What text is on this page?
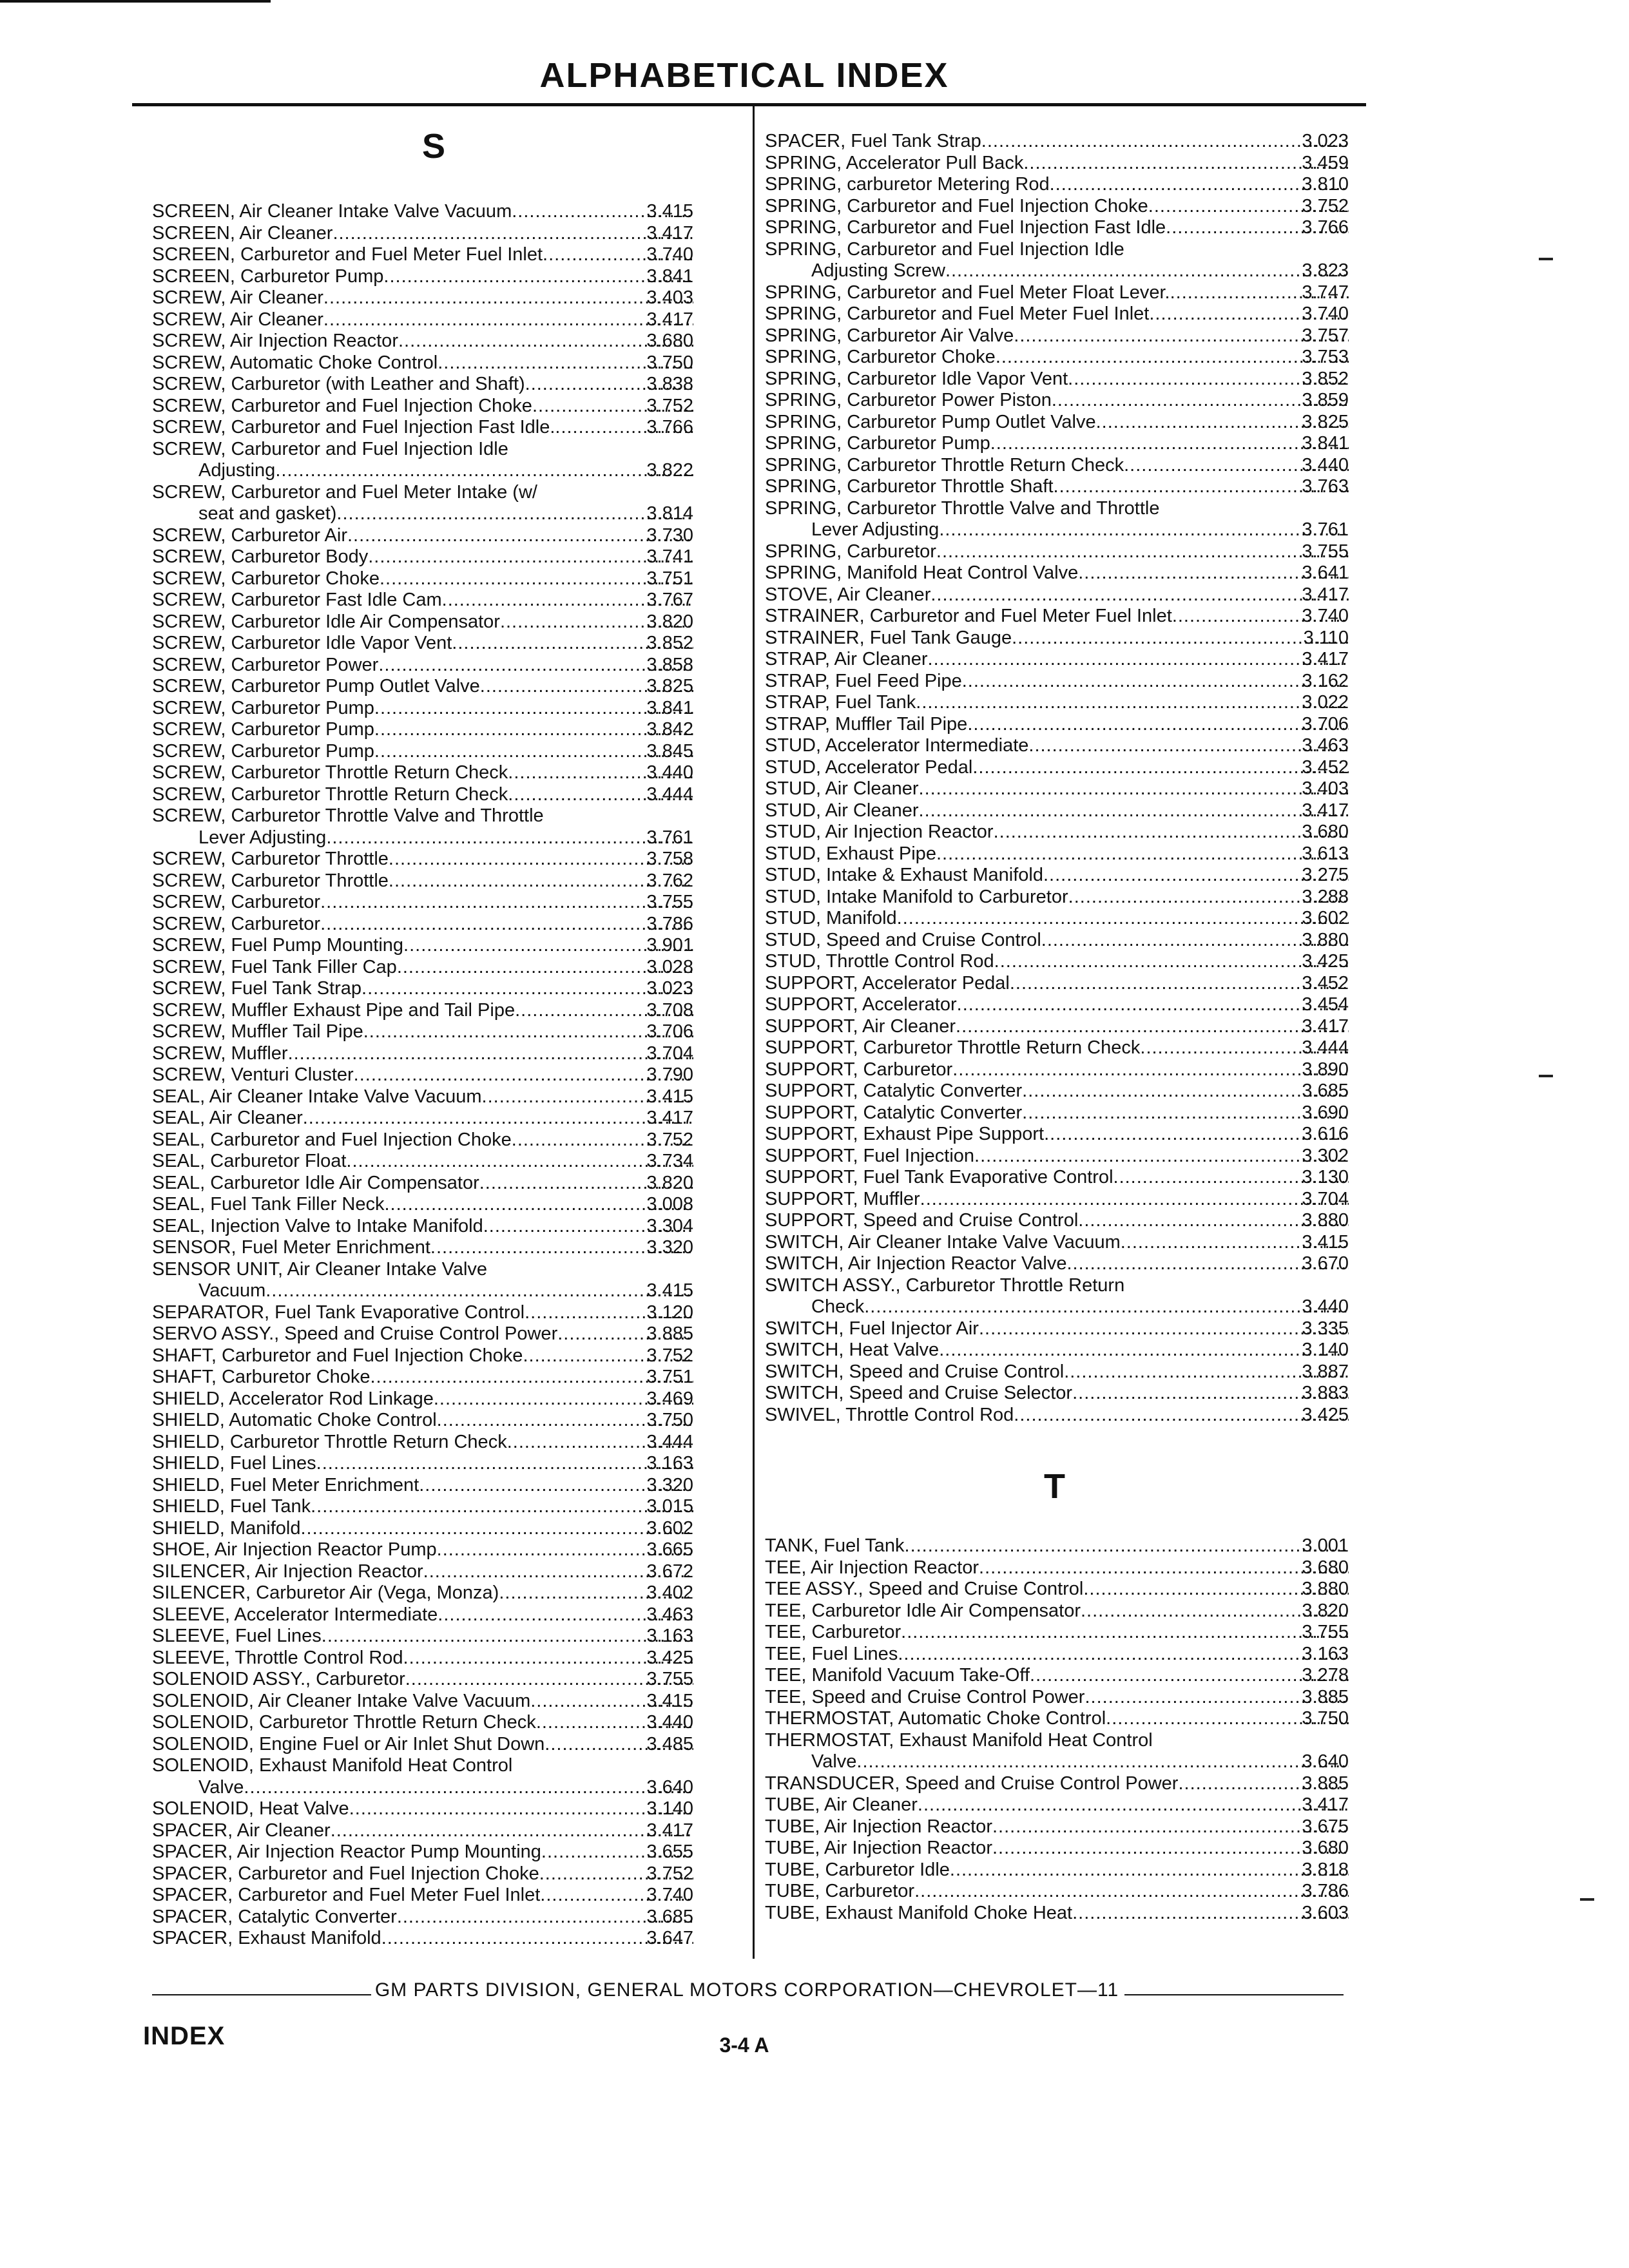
ALPHABETICAL INDEX
S
T
SCREEN, Air Cleaner Intake Valve Vacuum .....	3.415
SCREEN, Air Cleaner .....	3.417
SCREEN, Carburetor and Fuel Meter Fuel Inlet .....	3.740
SCREEN, Carburetor Pump .....	3.841
SCREW, Air Cleaner .....	3.403
SCREW, Air Cleaner .....	3.417
SCREW, Air Injection Reactor .....	3.680
SCREW, Automatic Choke Control .....	3.750
SCREW, Carburetor (with Leather and Shaft) .....	3.838
SCREW, Carburetor and Fuel Injection Choke .....	3.752
SCREW, Carburetor and Fuel Injection Fast Idle. .....	3.766
SCREW, Carburetor and Fuel Injection Idle
Adjusting .....	3.822
SCREW, Carburetor and Fuel Meter Intake (w/
seat and gasket) .....	3.814
SCREW, Carburetor Air .....	3.730
SCREW, Carburetor Body .....	3.741
SCREW, Carburetor Choke .....	3.751
SCREW, Carburetor Fast Idle Cam .....	3.767
SCREW, Carburetor Idle Air Compensator .....	3.820
SCREW, Carburetor Idle Vapor Vent .....	3.852
SCREW, Carburetor Power .....	3.858
SCREW, Carburetor Pump Outlet Valve .....	3.825
SCREW, Carburetor Pump .....	3.841
SCREW, Carburetor Pump .....	3.842
SCREW, Carburetor Pump .....	3.845
SCREW, Carburetor Throttle Return Check .....	3.440
SCREW, Carburetor Throttle Return Check .....	3.444
SCREW, Carburetor Throttle Valve and Throttle
Lever Adjusting .....	3.761
SCREW, Carburetor Throttle .....	3.758
SCREW, Carburetor Throttle .....	3.762
SCREW, Carburetor .....	3.755
SCREW, Carburetor .....	3.786
SCREW, Fuel Pump Mounting .....	3.901
SCREW, Fuel Tank Filler Cap .....	3.028
SCREW, Fuel Tank Strap .....	3.023
SCREW, Muffler Exhaust Pipe and Tail Pipe .....	3.708
SCREW, Muffler Tail Pipe .....	3.706
SCREW, Muffler .....	3.704
SCREW, Venturi Cluster .....	3.790
SEAL, Air Cleaner Intake Valve Vacuum .....	3.415
SEAL, Air Cleaner .....	3.417
SEAL, Carburetor and Fuel Injection Choke .....	3.752
SEAL, Carburetor Float .....	3.734
SEAL, Carburetor Idle Air Compensator .....	3.820
SEAL, Fuel Tank Filler Neck .....	3.008
SEAL, Injection Valve to Intake Manifold .....	3.304
SENSOR, Fuel Meter Enrichment .....	3.320
SENSOR UNIT, Air Cleaner Intake Valve
Vacuum .....	3.415
SEPARATOR, Fuel Tank Evaporative Control .....	3.120
SERVO ASSY., Speed and Cruise Control Power .....	3.885
SHAFT, Carburetor and Fuel Injection Choke .....	3.752
SHAFT, Carburetor Choke .....	3.751
SHIELD, Accelerator Rod Linkage .....	3.469
SHIELD, Automatic Choke Control .....	3.750
SHIELD, Carburetor Throttle Return Check .....	3.444
SHIELD, Fuel Lines .....	3.163
SHIELD, Fuel Meter Enrichment .....	3.320
SHIELD, Fuel Tank .....	3.015
SHIELD, Manifold .....	3.602
SHOE, Air Injection Reactor Pump .....	3.665
SILENCER, Air Injection Reactor .....	3.672
SILENCER, Carburetor Air (Vega, Monza) .....	3.402
SLEEVE, Accelerator Intermediate .....	3.463
SLEEVE, Fuel Lines .....	3.163
SLEEVE, Throttle Control Rod .....	3.425
SOLENOID ASSY., Carburetor .....	3.755
SOLENOID, Air Cleaner Intake Valve Vacuum .....	3.415
SOLENOID, Carburetor Throttle Return Check .....	3.440
SOLENOID, Engine Fuel or Air Inlet Shut Down .....	3.485
SOLENOID, Exhaust Manifold Heat Control
Valve .....	3.640
SOLENOID, Heat Valve .....	3.140
SPACER, Air Cleaner .....	3.417
SPACER, Air Injection Reactor Pump Mounting .....	3.655
SPACER, Carburetor and Fuel Injection Choke .....	3.752
SPACER, Carburetor and Fuel Meter Fuel Inlet .....	3.740
SPACER, Catalytic Converter .....	3.685
SPACER, Exhaust Manifold .....	3.647
SPACER, Fuel Tank Strap .....	3.023
SPRING, Accelerator Pull Back .....	3.459
SPRING, carburetor Metering Rod .....	3.810
SPRING, Carburetor and Fuel Injection Choke .....	3.752
SPRING, Carburetor and Fuel Injection Fast Idle .....	3.766
SPRING, Carburetor and Fuel Injection Idle
Adjusting Screw .....	3.823
SPRING, Carburetor and Fuel Meter Float Lever. .....	3.747
SPRING, Carburetor and Fuel Meter Fuel Inlet .....	3.740
SPRING, Carburetor Air Valve .....	3.757
SPRING, Carburetor Choke .....	3.753
SPRING, Carburetor Idle Vapor Vent .....	3.852
SPRING, Carburetor Power Piston .....	3.859
SPRING, Carburetor Pump Outlet Valve .....	3.825
SPRING, Carburetor Pump .....	3.841
SPRING, Carburetor Throttle Return Check .....	3.440
SPRING, Carburetor Throttle Shaft .....	3.763
SPRING, Carburetor Throttle Valve and Throttle
Lever Adjusting .....	3.761
SPRING, Carburetor .....	3.755
SPRING, Manifold Heat Control Valve .....	3.641
STOVE, Air Cleaner .....	3.417
STRAINER, Carburetor and Fuel Meter Fuel Inlet .....	3.740
STRAINER, Fuel Tank Gauge .....	3.110
STRAP, Air Cleaner .....	3.417
STRAP, Fuel Feed Pipe .....	3.162
STRAP, Fuel Tank .....	3.022
STRAP, Muffler Tail Pipe .....	3.706
STUD, Accelerator Intermediate .....	3.463
STUD, Accelerator Pedal .....	3.452
STUD, Air Cleaner .....	3.403
STUD, Air Cleaner .....	3.417
STUD, Air Injection Reactor .....	3.680
STUD, Exhaust Pipe .....	3.613
STUD, Intake & Exhaust Manifold .....	3.275
STUD, Intake Manifold to Carburetor .....	3.288
STUD, Manifold .....	3.602
STUD, Speed and Cruise Control .....	3.880
STUD, Throttle Control Rod .....	3.425
SUPPORT, Accelerator Pedal .....	3.452
SUPPORT, Accelerator .....	3.454
SUPPORT, Air Cleaner .....	3.417
SUPPORT, Carburetor Throttle Return Check .....	3.444
SUPPORT, Carburetor .....	3.890
SUPPORT, Catalytic Converter .....	3.685
SUPPORT, Catalytic Converter .....	3.690
SUPPORT, Exhaust Pipe Support .....	3.616
SUPPORT, Fuel Injection .....	3.302
SUPPORT, Fuel Tank Evaporative Control .....	3.130
SUPPORT, Muffler .....	3.704
SUPPORT, Speed and Cruise Control .....	3.880
SWITCH, Air Cleaner Intake Valve Vacuum .....	3.415
SWITCH, Air Injection Reactor Valve .....	3.670
SWITCH ASSY., Carburetor Throttle Return
Check .....	3.440
SWITCH, Fuel Injector Air .....	3.335
SWITCH, Heat Valve .....	3.140
SWITCH, Speed and Cruise Control .....	3.887
SWITCH, Speed and Cruise Selector .....	3.883
SWIVEL, Throttle Control Rod .....	3.425
TANK, Fuel Tank .....	3.001
TEE, Air Injection Reactor .....	3.680
TEE ASSY., Speed and Cruise Control .....	3.880
TEE, Carburetor Idle Air Compensator .....	3.820
TEE, Carburetor .....	3.755
TEE, Fuel Lines .....	3.163
TEE, Manifold Vacuum Take-Off .....	3.278
TEE, Speed and Cruise Control Power .....	3.885
THERMOSTAT, Automatic Choke Control .....	3.750
THERMOSTAT, Exhaust Manifold Heat Control
Valve .....	3.640
TRANSDUCER, Speed and Cruise Control Power .....	3.885
TUBE, Air Cleaner .....	3.417
TUBE, Air Injection Reactor .....	3.675
TUBE, Air Injection Reactor .....	3.680
TUBE, Carburetor Idle .....	3.818
TUBE, Carburetor .....	3.786
TUBE, Exhaust Manifold Choke Heat .....	3.603
GM PARTS DIVISION, GENERAL MOTORS CORPORATION—CHEVROLET—11
INDEX	3-4 A
